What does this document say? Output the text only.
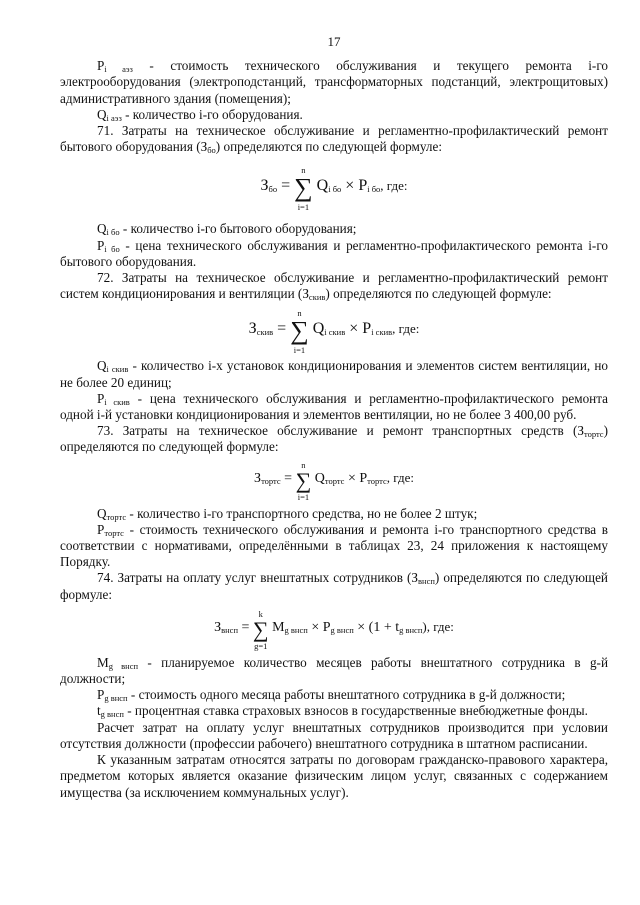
17

$P_{i аэз}$ - стоимость технического обслуживания и текущего ремонта i-го электрооборудования (электроподстанций, трансформаторных подстанций, электрощитовых) административного здания (помещения);

$Q_{i аэз}$ - количество i-го оборудования.

71. Затраты на техническое обслуживание и регламентно-профилактический ремонт бытового оборудования $(З_{бо})$ определяются по следующей формуле:

$З_{бо}$ = ∑
n
i=1
$Q_{i бо} \times P_{i бо}$, где:

$Q_{i бо}$ - количество i-го бытового оборудования;

$P_{i бо}$ - цена технического обслуживания и регламентно-профилактического ремонта i-го бытового оборудования.

72. Затраты на техническое обслуживание и регламентно-профилактический ремонт систем кондиционирования и вентиляции $(З_{скив})$ определяются по следующей формуле:

$З_{скив}$ = ∑
n
i=1
$Q_{i скив} \times P_{i скив}$, где:

$Q_{i скив}$ - количество i-х установок кондиционирования и элементов систем вентиляции, но не более 20 единиц;

$P_{i скив}$ - цена технического обслуживания и регламентно-профилактического ремонта одной i-й установки кондиционирования и элементов вентиляции, но не более 3 400,00 руб.

73. Затраты на техническое обслуживание и ремонт транспортных средств $(З_{тортс})$ определяются по следующей формуле:

$З_{тортс}$ = ∑
n
i=1
$Q_{тортс} \times P_{тортс}$, где:

$Q_{тортс}$ - количество i-го транспортного средства, но не более 2 штук;

$P_{тортс}$ - стоимость технического обслуживания и ремонта i-го транспортного средства в соответствии с нормативами, определёнными в таблицах 23, 24 приложения к настоящему Порядку.

74. Затраты на оплату услуг внештатных сотрудников $(З_{внсп})$ определяются по следующей формуле:

$З_{внсп}$ = ∑
k
g=1
$M_{g внсп} \times P_{g внсп} \times (1 + t_{g внсп})$, где:

$M_{g внсп}$ - планируемое количество месяцев работы внештатного сотрудника в g-й должности;

$P_{g внсп}$ - стоимость одного месяца работы внештатного сотрудника в g-й должности;

$t_{g внсп}$ - процентная ставка страховых взносов в государственные внебюджетные фонды.

Расчет затрат на оплату услуг внештатных сотрудников производится при условии отсутствия должности (профессии рабочего) внештатного сотрудника в штатном расписании.

К указанным затратам относятся затраты по договорам гражданско-правового характера, предметом которых является оказание физическим лицом услуг, связанных с содержанием имущества (за исключением коммунальных услуг).
